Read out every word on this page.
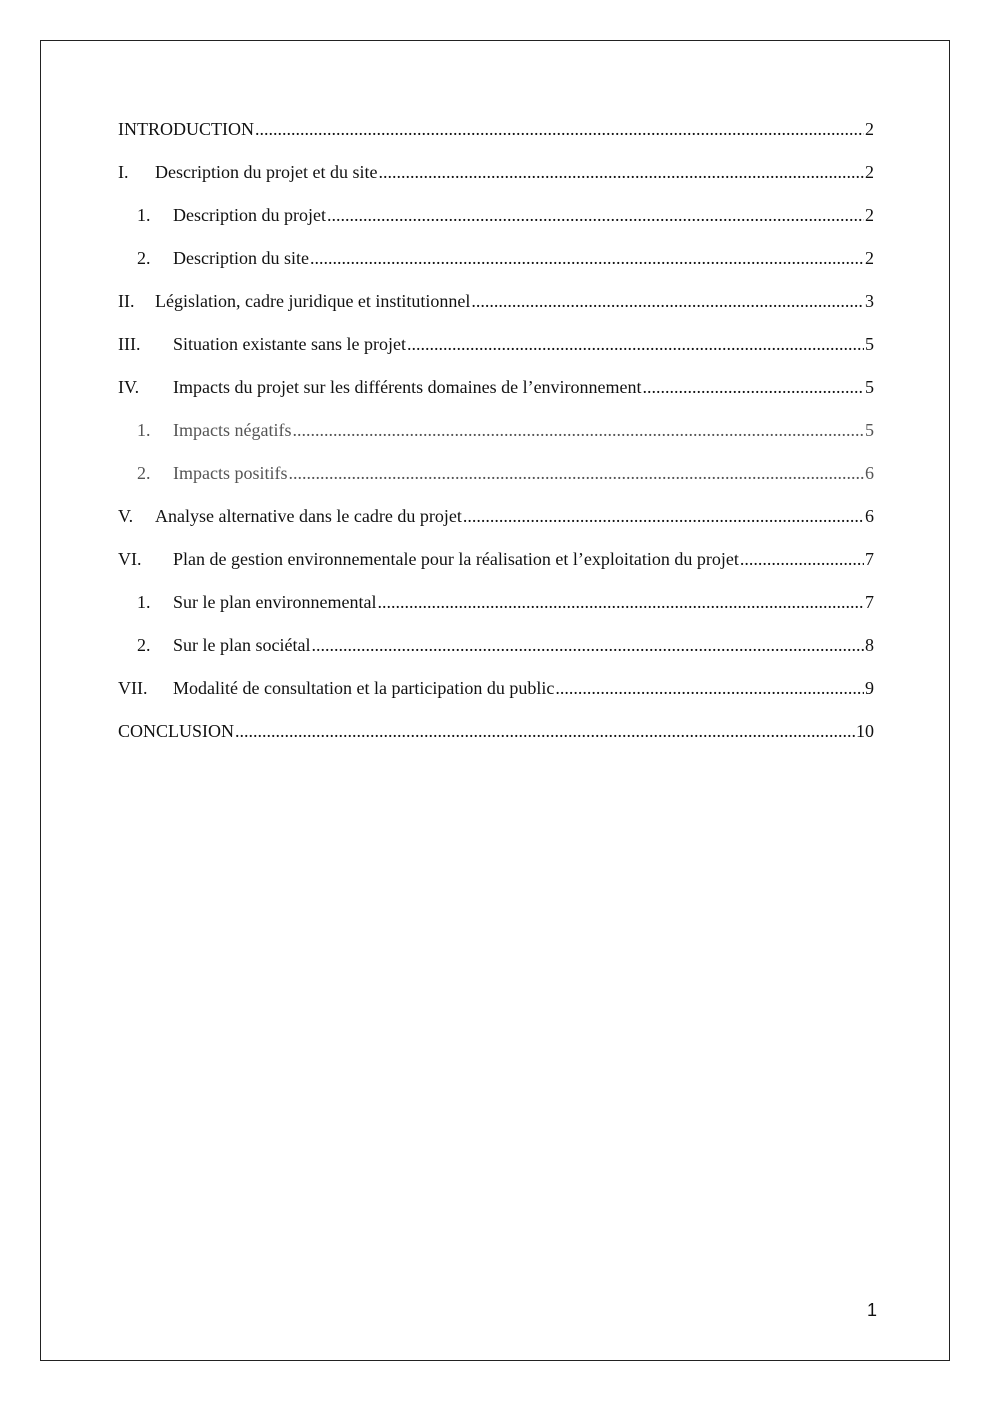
INTRODUCTION .....	2
I.	Description du projet et du site .....	2
1.	Description du projet .....	2
2.	Description du site .....	2
II.	Législation, cadre juridique et institutionnel .....	3
III.	Situation existante sans le projet .....	5
IV.	Impacts du projet sur les différents domaines de l’environnement .....	5
1.	Impacts négatifs .....	5
2.	Impacts positifs .....	6
V.	Analyse alternative dans le cadre du projet .....	6
VI.	Plan de gestion environnementale pour la réalisation et l’exploitation du projet .....	7
1.	Sur le plan environnemental .....	7
2.	Sur le plan sociétal .....	8
VII.	Modalité de consultation et la participation du public .....	9
CONCLUSION .....	10
1
